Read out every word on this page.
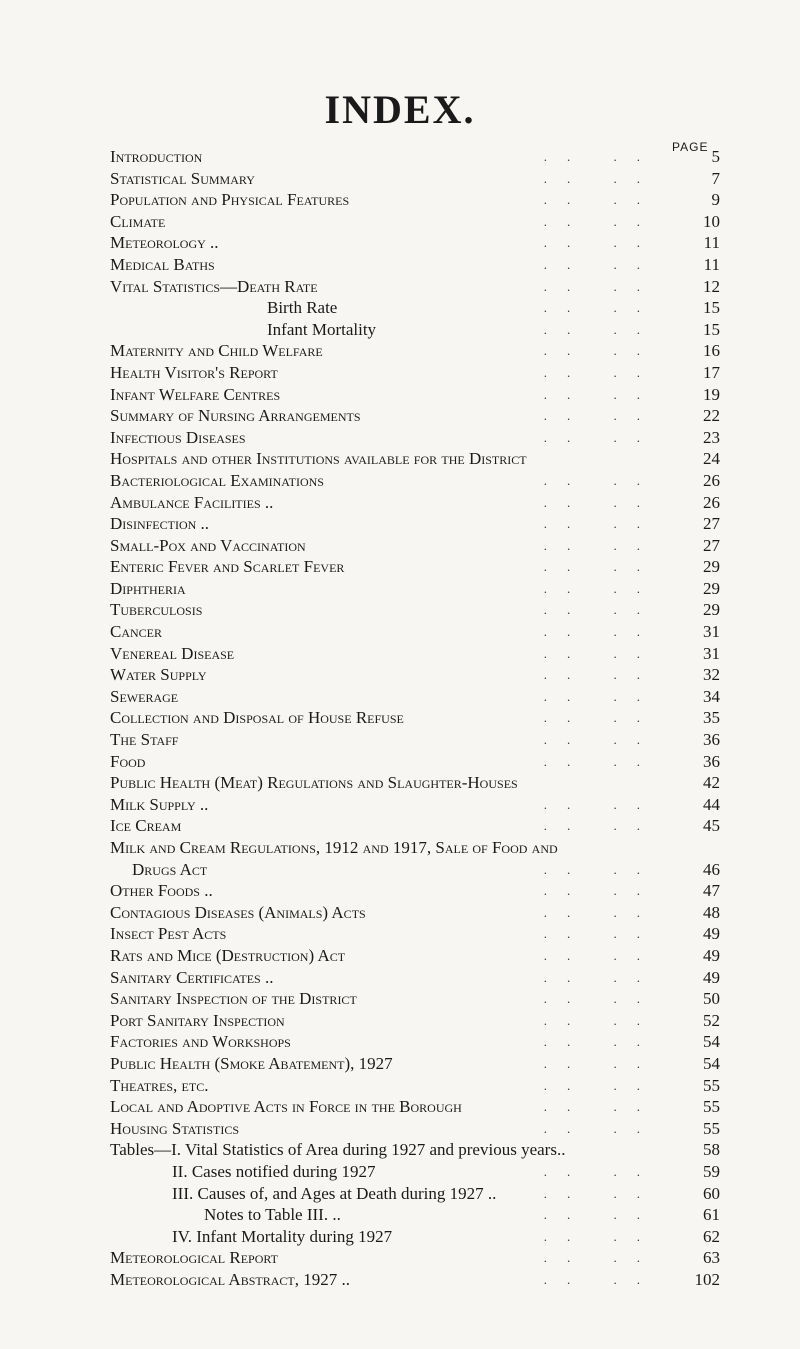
INDEX.
PAGE
Introduction	.. ..	5
Statistical Summary	.. ..	7
Population and Physical Features	.. ..	9
Climate	.. ..	10
Meteorology ..	.. ..	11
Medical Baths	.. ..	11
Vital Statistics—Death Rate	.. ..	12
Birth Rate	.. ..	15
Infant Mortality	.. ..	15
Maternity and Child Welfare	.. ..	16
Health Visitor's Report	.. ..	17
Infant Welfare Centres	.. ..	19
Summary of Nursing Arrangements	.. ..	22
Infectious Diseases	.. ..	23
Hospitals and other Institutions available for the District	24
Bacteriological Examinations	.. ..	26
Ambulance Facilities ..	.. ..	26
Disinfection ..	.. ..	27
Small-Pox and Vaccination	.. ..	27
Enteric Fever and Scarlet Fever	.. ..	29
Diphtheria	.. ..	29
Tuberculosis	.. ..	29
Cancer	.. ..	31
Venereal Disease	.. ..	31
Water Supply	.. ..	32
Sewerage	.. ..	34
Collection and Disposal of House Refuse	.. ..	35
The Staff	.. ..	36
Food	.. ..	36
Public Health (Meat) Regulations and Slaughter-Houses	42
Milk Supply ..	.. ..	44
Ice Cream	.. ..	45
Milk and Cream Regulations, 1912 and 1917, Sale of Food and
Drugs Act	.. ..	46
Other Foods ..	.. ..	47
Contagious Diseases (Animals) Acts	.. ..	48
Insect Pest Acts	.. ..	49
Rats and Mice (Destruction) Act	.. ..	49
Sanitary Certificates ..	.. ..	49
Sanitary Inspection of the District	.. ..	50
Port Sanitary Inspection	.. ..	52
Factories and Workshops	.. ..	54
Public Health (Smoke Abatement), 1927	.. ..	54
Theatres, etc.	.. ..	55
Local and Adoptive Acts in Force in the Borough	.. ..	55
Housing Statistics	.. ..	55
Tables—I. Vital Statistics of Area during 1927 and previous years..	58
II. Cases notified during 1927	.. ..	59
III. Causes of, and Ages at Death during 1927 ..	.. ..	60
Notes to Table III. ..	.. ..	61
IV. Infant Mortality during 1927	.. ..	62
Meteorological Report	.. ..	63
Meteorological Abstract, 1927 ..	.. ..	102
